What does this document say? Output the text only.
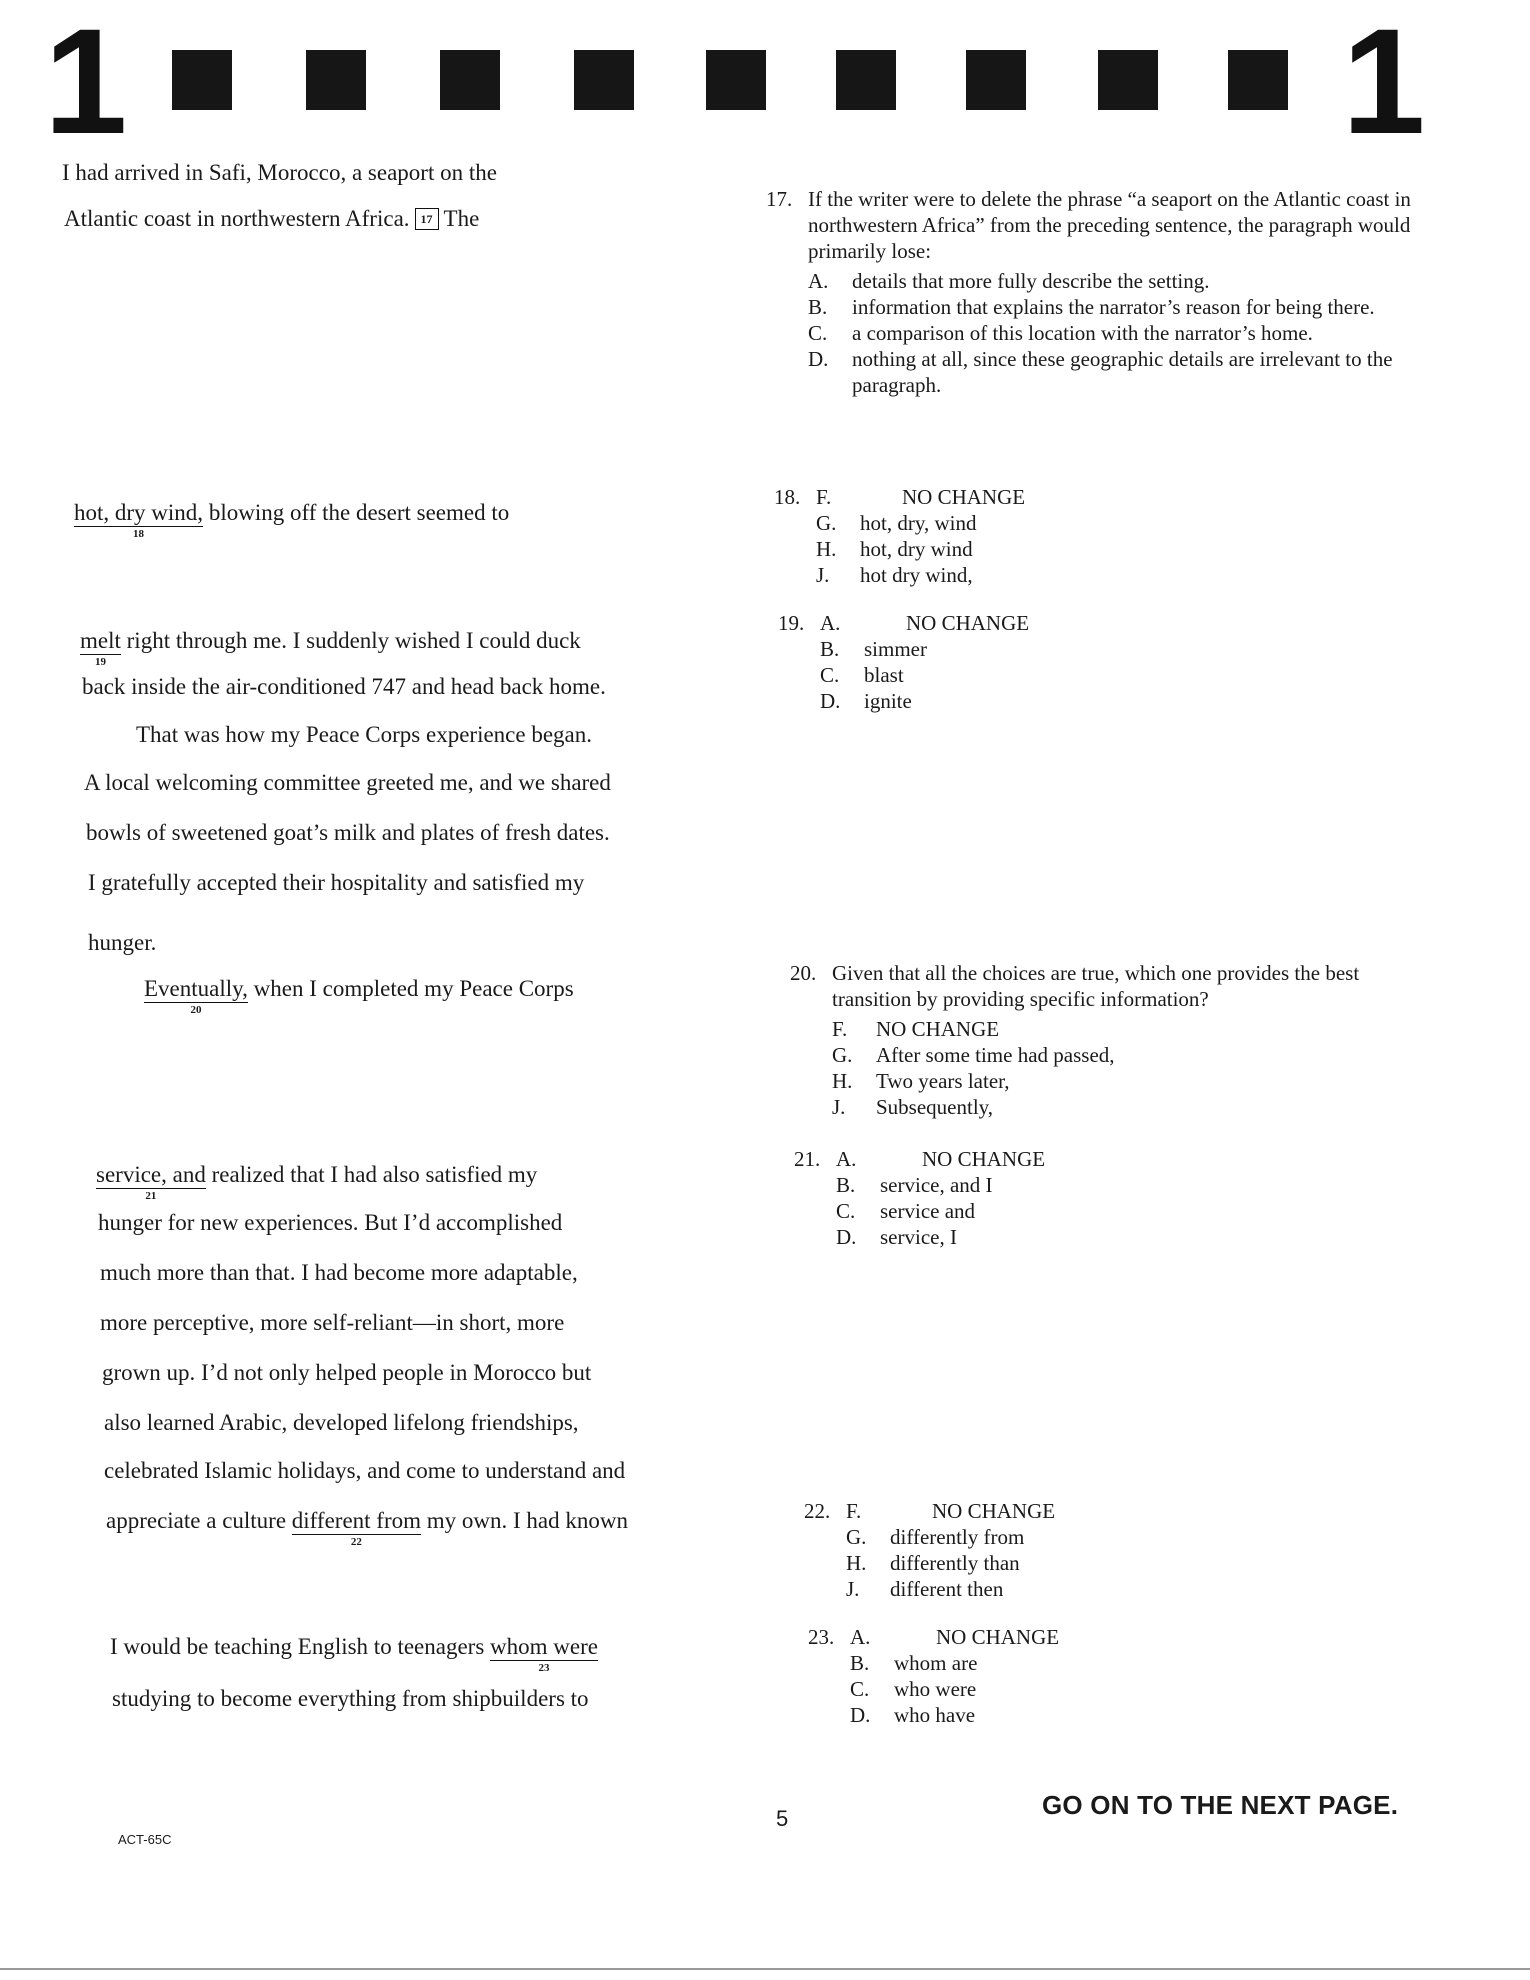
1	1
I had arrived in Safi, Morocco, a seaport on the
Atlantic coast in northwestern Africa. 17 The
hot, dry wind,
18
blowing off the desert seemed to
melt
19
right through me. I suddenly wished I could duck
back inside the air-conditioned 747 and head back home.
That was how my Peace Corps experience began.
A local welcoming committee greeted me, and we shared
bowls of sweetened goat’s milk and plates of fresh dates.
I gratefully accepted their hospitality and satisfied my
hunger.
Eventually,
20
when I completed my Peace Corps
service, and
21
realized that I had also satisfied my
hunger for new experiences. But I’d accomplished
much more than that. I had become more adaptable,
more perceptive, more self-reliant—in short, more
grown up. I’d not only helped people in Morocco but
also learned Arabic, developed lifelong friendships,
celebrated Islamic holidays, and come to understand and
appreciate a culture different from
22
my own. I had known
I would be teaching English to teenagers whom were
23
studying to become everything from shipbuilders to
17. If the writer were to delete the phrase “a seaport on the Atlantic coast in northwestern Africa” from the preceding sentence, the paragraph would primarily lose:
A.	details that more fully describe the setting.
B.	information that explains the narrator’s reason for being there.
C.	a comparison of this location with the narrator’s home.
D.	nothing at all, since these geographic details are irrelevant to the paragraph.
18. F.	NO CHANGE
G.	hot, dry, wind
H.	hot, dry wind
J.	hot dry wind,
19. A.	NO CHANGE
B.	simmer
C.	blast
D.	ignite
20. Given that all the choices are true, which one provides the best transition by providing specific information?
F.	NO CHANGE
G.	After some time had passed,
H.	Two years later,
J.	Subsequently,
21. A.	NO CHANGE
B.	service, and I
C.	service and
D.	service, I
22. F.	NO CHANGE
G.	differently from
H.	differently than
J.	different then
23. A.	NO CHANGE
B.	whom are
C.	who were
D.	who have
ACT-65C
5	GO ON TO THE NEXT PAGE.
